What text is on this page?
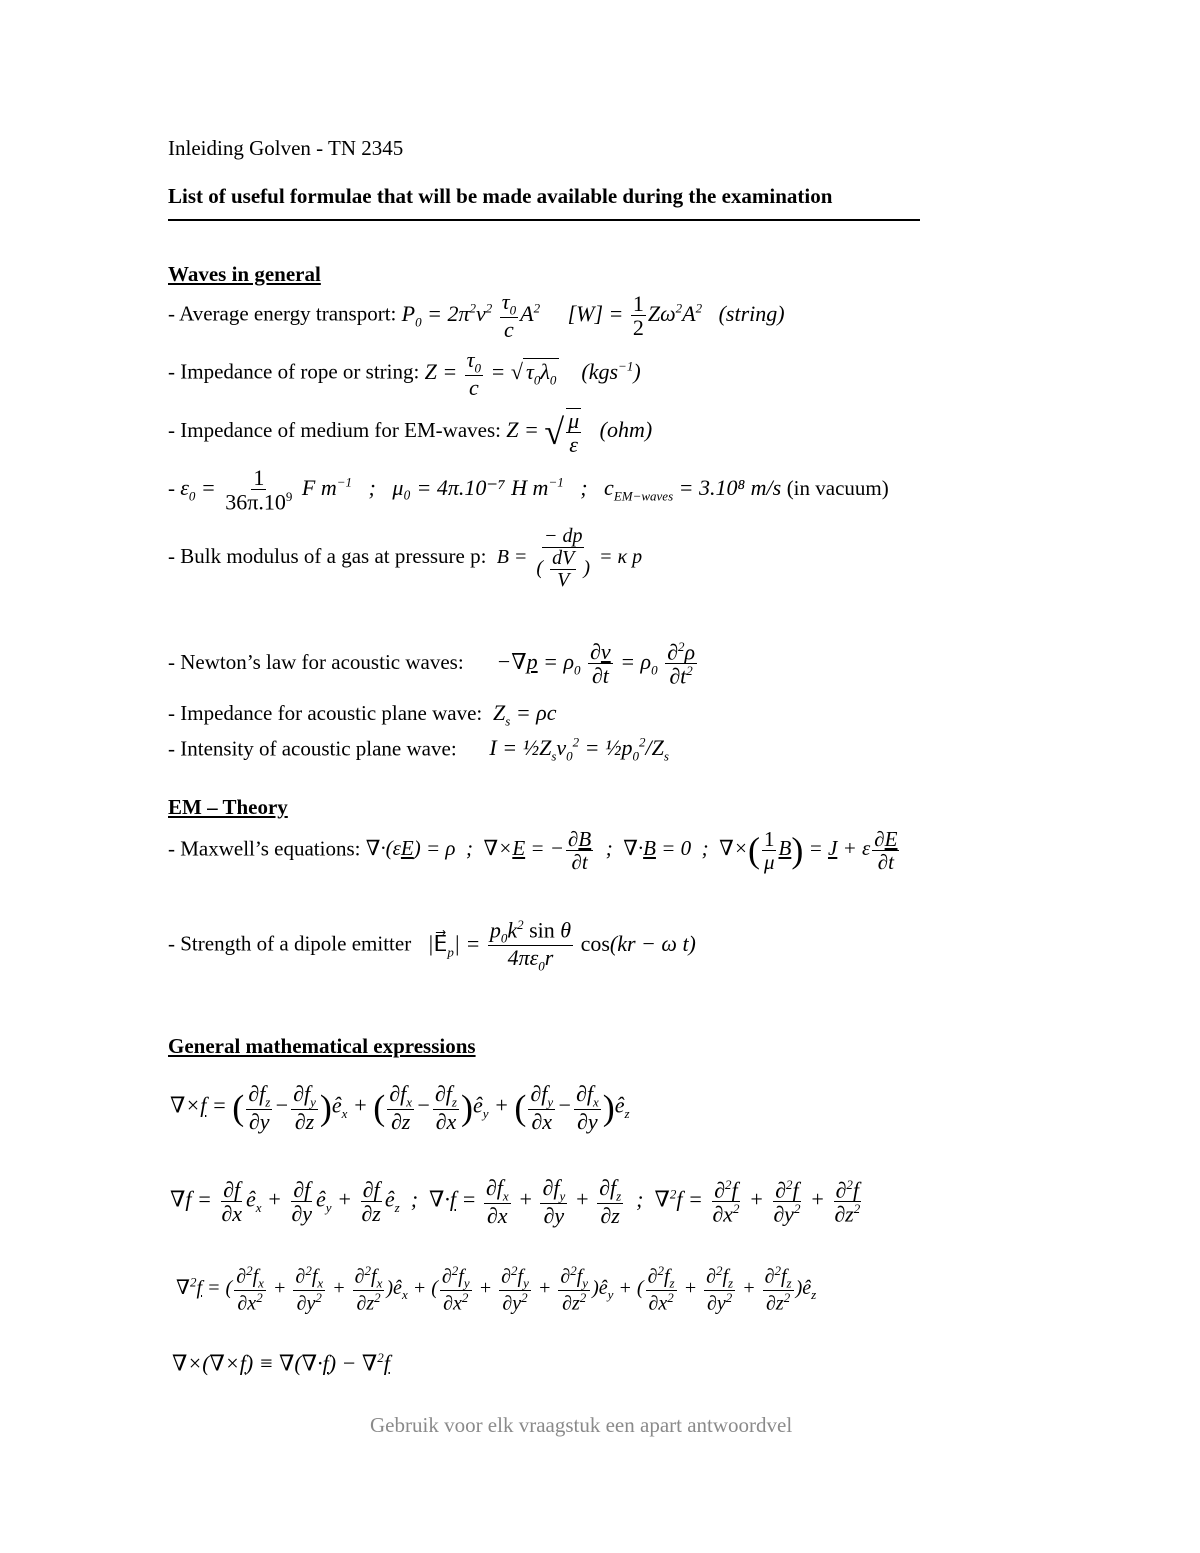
Inleiding Golven - TN 2345
List of useful formulae that will be made available during the examination
Waves in general
- Average energy transport: $P_0 = 2\pi^2\nu^2 \frac{\tau_0}{c} A^2$     $[W] = \frac{1}{2} Z\omega^2A^2$ (string)
- Impedance of rope or string: $Z = \frac{\tau_0}{c}$ = √ $\tau_0\lambda_0$ (kgs$^{-1}$)
- Impedance of medium for EM-waves: Z = √ $\frac{\mu}{\varepsilon} (ohm)$
- $\varepsilon_0 = \frac{1}{36\pi.10^9}$ F $m^{-1}$   ;   μ₀ = 4π.10⁻⁷ H $m^{-1}$   ;   $c_{EM-waves} = 3.10^8$ m/s (in vacuum)
- Bulk modulus of a gas at pressure p:  $B = \frac{- dp}{( \frac{dV}{V} )} = \kappa$ p
- Newton’s law for acoustic waves:      $-\nabla p = \rho_0 \frac{\partial v}{\partial t} = \rho_0 \frac{\partial^2\rho}{\partial t^2}$
- Impedance for acoustic plane wave:  $Z_s = \rho c$
- Intensity of acoustic plane wave:      $I = \frac{1}{2}Z_sv_0^2$ = $\frac{1}{2}p_0^2/Z_s$
EM – Theory
- Maxwell’s equations: ∇·(εE) = ρ  ;  ∇×E = − $\frac{\partial B}{\partial t}$ ;  ∇·B = 0  ;  ∇×( $\frac{1}{\mu} B) = J + \varepsilon \frac{\partial E}{\partial t}$
- Strength of a dipole emitter   $|E⃗_p| = \frac{p_0k^2 \sin \theta}{4\pi\varepsilon_0r} \cos(kr - \omega$ t)
General mathematical expressions
∇×f = ( $\frac{\partial f_z}{\partial y} - \frac{\partial f_y}{\partial z}$ )$ê_x$ + ( $\frac{\partial f_x}{\partial z} - \frac{\partial f_z}{\partial x}$ )$ê_y$ + ( $\frac{\partial f_y}{\partial x} - \frac{\partial f_x}{\partial y}$ )$ê_z$
$\nabla f = \frac{\partial f}{\partial x}$ $ê_x + \frac{\partial f}{\partial y}$ $ê_y + \frac{\partial f}{\partial z}$ $ê_z$  ;  $\nabla\cdot f = \frac{\partial f_x}{\partial x} + \frac{\partial f_y}{\partial y} + \frac{\partial f_z}{\partial z}$ ;  $\nabla^2f = \frac{\partial^2f}{\partial x^2} + \frac{\partial^2f}{\partial y^2} + \frac{\partial^2f}{\partial z^2}$
∇$^2$f = ( $\frac{\partial^2f_x}{\partial x^2} + \frac{\partial^2f_x}{\partial y^2} + \frac{\partial^2f_x}{\partial z^2}$ )$ê_x$ + ( $\frac{\partial^2f_y}{\partial x^2} + \frac{\partial^2f_y}{\partial y^2} + \frac{\partial^2f_y}{\partial z^2}$ )$ê_y$ + ( $\frac{\partial^2f_z}{\partial x^2} + \frac{\partial^2f_z}{\partial y^2} + \frac{\partial^2f_z}{\partial z^2}$ )$ê_z$
∇×(∇×f) ≡ ∇(∇·f) − ∇$^2$f
Gebruik voor elk vraagstuk een apart antwoordvel
